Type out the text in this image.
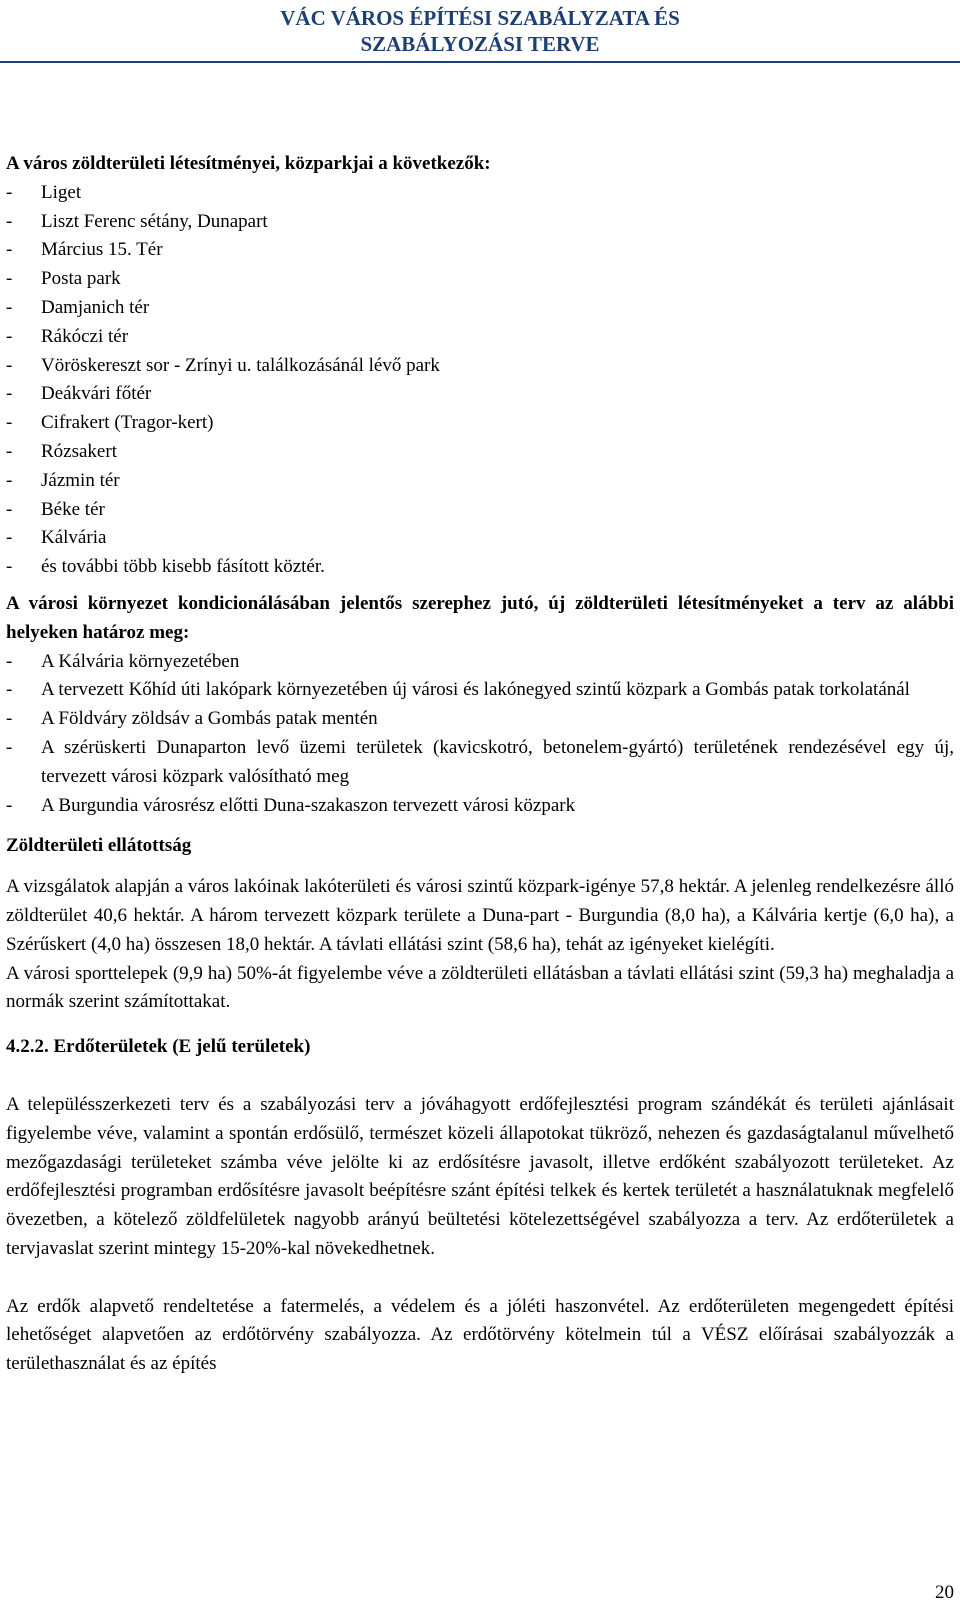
VÁC VÁROS ÉPÍTÉSI SZABÁLYZATA ÉS
SZABÁLYOZÁSI TERVE

A város zöldterületi létesítményei, közparkjai a következők:

- Liget
- Liszt Ferenc sétány, Dunapart
- Március 15. Tér
- Posta park
- Damjanich tér
- Rákóczi tér
- Vöröskereszt sor - Zrínyi u. találkozásánál lévő park
- Deákvári főtér
- Cifrakert (Tragor-kert)
- Rózsakert
- Jázmin tér
- Béke tér
- Kálvária
- és további több kisebb fásított köztér.

A városi környezet kondicionálásában jelentős szerephez jutó, új zöldterületi létesítményeket a terv az alábbi helyeken határoz meg:

- A Kálvária környezetében
- A tervezett Kőhíd úti lakópark környezetében új városi és lakónegyed szintű közpark a Gombás patak torkolatánál
- A Földváry zöldsáv a Gombás patak mentén
- A szérüskerti Dunaparton levő üzemi területek (kavicskotró, betonelem-gyártó) területének rendezésével egy új, tervezett városi közpark valósítható meg
- A Burgundia városrész előtti Duna-szakaszon tervezett városi közpark

Zöldterületi ellátottság

A vizsgálatok alapján a város lakóinak lakóterületi és városi szintű közpark-igénye 57,8 hektár. A jelenleg rendelkezésre álló zöldterület 40,6 hektár. A három tervezett közpark területe a Duna-part - Burgundia (8,0 ha), a Kálvária kertje (6,0 ha), a Szérűskert (4,0 ha) összesen 18,0 hektár. A távlati ellátási szint (58,6 ha), tehát az igényeket kielégíti.

A városi sporttelepek (9,9 ha) 50%-át figyelembe véve a zöldterületi ellátásban a távlati ellátási szint (59,3 ha) meghaladja a normák szerint számítottakat.

4.2.2. Erdőterületek (E jelű területek)

A településszerkezeti terv és a szabályozási terv a jóváhagyott erdőfejlesztési program szándékát és területi ajánlásait figyelembe véve, valamint a spontán erdősülő, természet közeli állapotokat tükröző, nehezen és gazdaságtalanul művelhető mezőgazdasági területeket számba véve jelölte ki az erdősítésre javasolt, illetve erdőként szabályozott területeket. Az erdőfejlesztési programban erdősítésre javasolt beépítésre szánt építési telkek és kertek területét a használatuknak megfelelő övezetben, a kötelező zöldfelületek nagyobb arányú beültetési kötelezettségével szabályozza a terv. Az erdőterületek a tervjavaslat szerint mintegy 15-20%-kal növekedhetnek.

Az erdők alapvető rendeltetése a fatermelés, a védelem és a jóléti haszonvétel. Az erdőterületen megengedett építési lehetőséget alapvetően az erdőtörvény szabályozza. Az erdőtörvény kötelmein túl a VÉSZ előírásai szabályozzák a területhasználat és az építés

20
